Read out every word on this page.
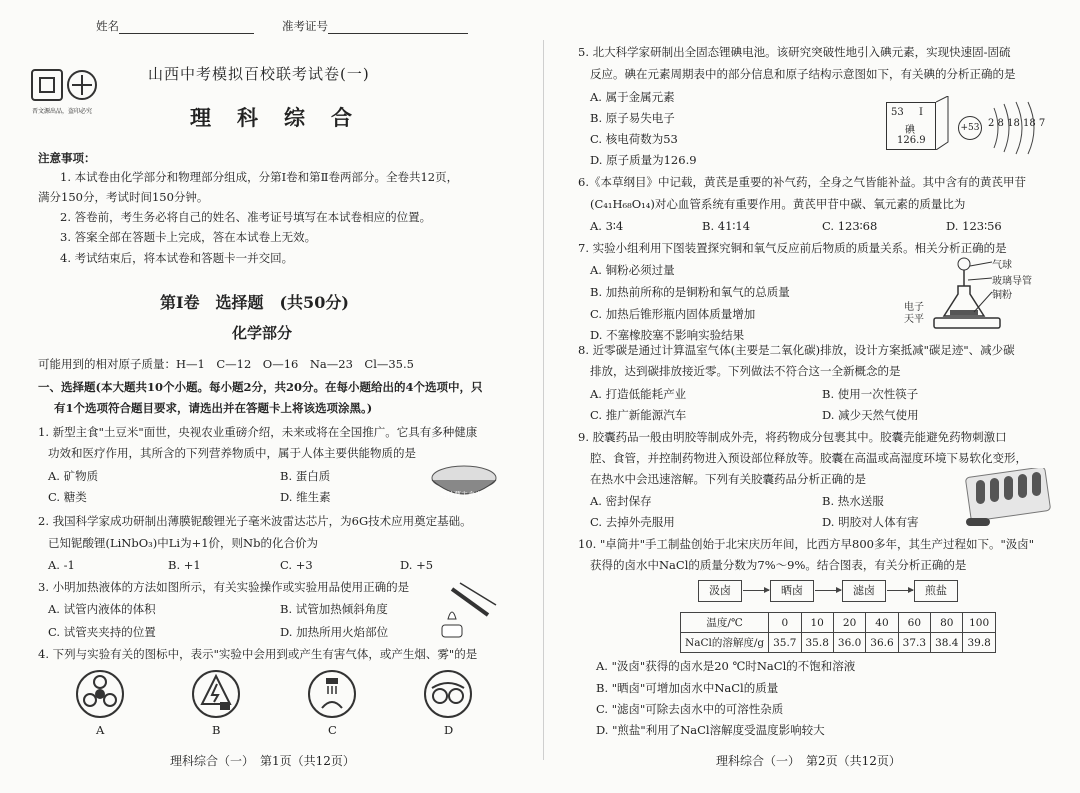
姓名	准考证号
晋文源出品，盗印必究
山西中考模拟百校联考试卷(一)
理科综合
注意事项：
1. 本试卷由化学部分和物理部分组成，分第Ⅰ卷和第Ⅱ卷两部分。全卷共12页，
满分150分，考试时间150分钟。
2. 答卷前，考生务必将自己的姓名、准考证号填写在本试卷相应的位置。
3. 答案全部在答题卡上完成，答在本试卷上无效。
4. 考试结束后，将本试卷和答题卡一并交回。
第Ⅰ卷　选择题　(共50分)
化学部分
可能用到的相对原子质量：H—1　C—12　O—16　Na—23　Cl—35.5
一、选择题(本大题共10个小题。每小题2分，共20分。在每小题给出的4个选项中，只
有1个选项符合题目要求，请选出并在答题卡上将该选项涂黑。)
1. 新型主食"土豆米"面世，央视农业重磅介绍，未来或将在全国推广。它具有多种健康
功效和医疗作用，其所含的下列营养物质中，属于人体主要供能物质的是
A. 矿物质	B. 蛋白质
C. 糖类	D. 维生素	马铃薯主食米
2. 我国科学家成功研制出薄膜铌酸锂光子毫米波雷达芯片，为6G技术应用奠定基础。
已知铌酸锂(LiNbO₃)中Li为+1价，则Nb的化合价为
A. -1	B. +1	C. +3	D. +5
3. 小明加热液体的方法如图所示，有关实验操作或实验用品使用正确的是
A. 试管内液体的体积	B. 试管加热倾斜角度
C. 试管夹夹持的位置	D. 加热所用火焰部位
4. 下列与实验有关的图标中，表示"实验中会用到或产生有害气体，或产生烟、雾"的是
A	B	C	D
理科综合（一）　第1页（共12页）
5. 北大科学家研制出全固态锂碘电池。该研究突破性地引入碘元素，实现快速固-固硫
反应。碘在元素周期表中的部分信息和原子结构示意图如下，有关碘的分析正确的是
A. 属于金属元素
B. 原子易失电子
C. 核电荷数为53
D. 原子质量为126.9
53 I
碘
126.9
+53 2 8 18 18 7
6.《本草纲目》中记载，黄芪是重要的补气药，全身之气皆能补益。其中含有的黄芪甲苷
(C₄₁H₆₈O₁₄)对心血管系统有重要作用。黄芪甲苷中碳、氧元素的质量比为
A. 3∶4	B. 41∶14	C. 123∶68	D. 123∶56
7. 实验小组利用下图装置探究铜和氧气反应前后物质的质量关系。相关分析正确的是
A. 铜粉必须过量
B. 加热前所称的是铜粉和氧气的总质量
C. 加热后锥形瓶内固体质量增加
D. 不塞橡胶塞不影响实验结果
气球
玻璃导管
铜粉
电子天平
8. 近零碳是通过计算温室气体(主要是二氧化碳)排放，设计方案抵减"碳足迹"、减少碳
排放，达到碳排放接近零。下列做法不符合这一全新概念的是
A. 打造低能耗产业	B. 使用一次性筷子
C. 推广新能源汽车	D. 减少天然气使用
9. 胶囊药品一般由明胶等制成外壳，将药物成分包裹其中。胶囊壳能避免药物刺激口
腔、食管，并控制药物进入预设部位释放等。胶囊在高温或高湿度环境下易软化变形，
在热水中会迅速溶解。下列有关胶囊药品分析正确的是
A. 密封保存	B. 热水送服
C. 去掉外壳服用	D. 明胶对人体有害
10. "卓筒井"手工制盐创始于北宋庆历年间，比西方早800多年，其生产过程如下。"汲卤"
获得的卤水中NaCl的质量分数为7%～9%。结合图表，有关分析正确的是
汲卤	晒卤	滤卤	煎盐
温度/℃	0	10	20	40	60	80	100
NaCl的溶解度/g	35.7	35.8	36.0	36.6	37.3	38.4	39.8
A. "汲卤"获得的卤水是20 ℃时NaCl的不饱和溶液
B. "晒卤"可增加卤水中NaCl的质量
C. "滤卤"可除去卤水中的可溶性杂质
D. "煎盐"利用了NaCl溶解度受温度影响较大
理科综合（一）　第2页（共12页）
